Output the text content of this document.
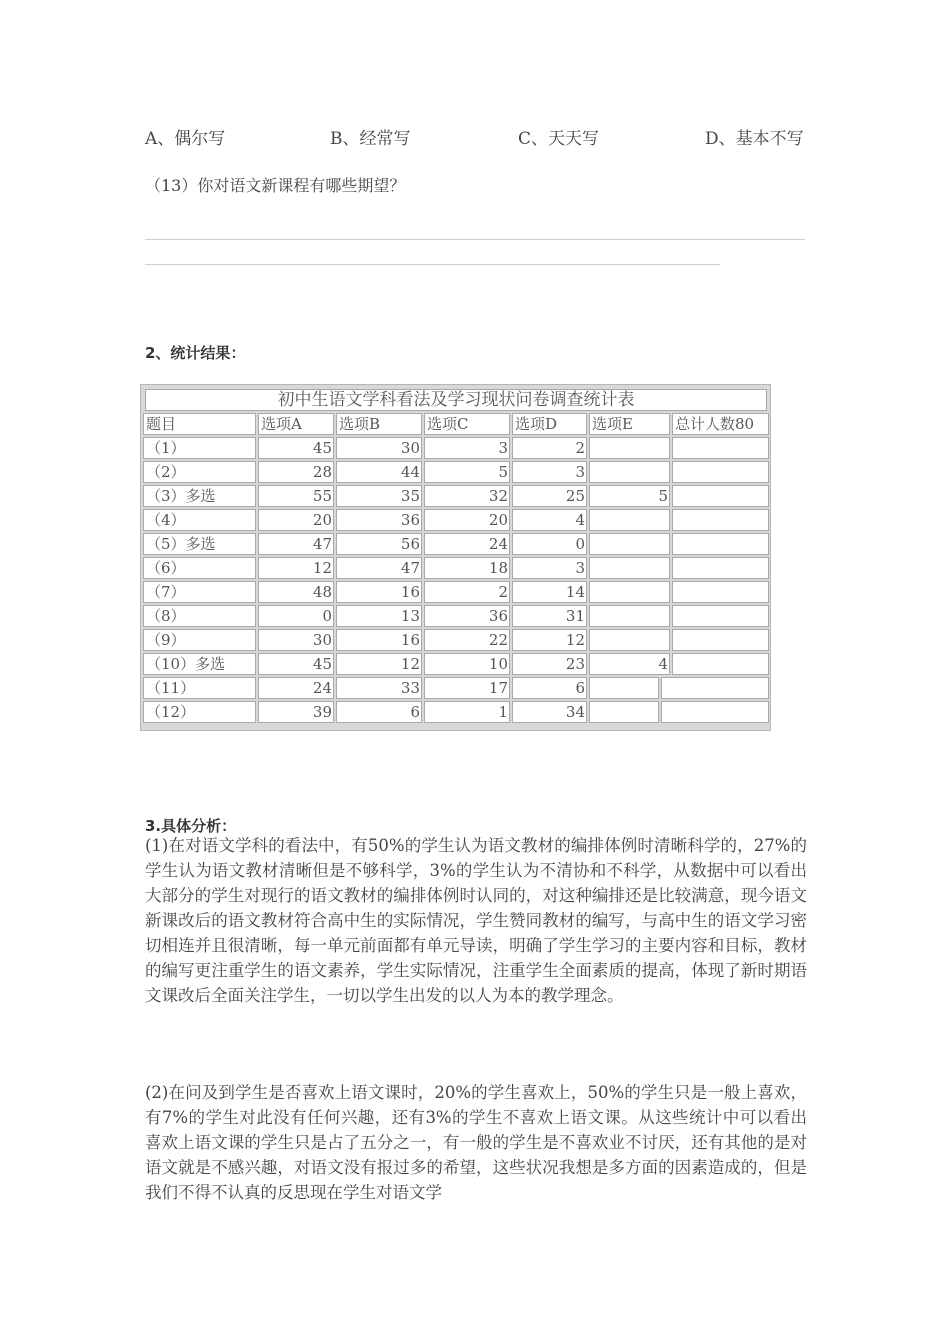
A、偶尔写	B、经常写	C、天天写	D、基本不写
（13）你对语文新课程有哪些期望？
2、统计结果：
初中生语文学科看法及学习现状问卷调查统计表
题目	选项A	选项B	选项C	选项D	选项E	总计人数80
（1）	45	30	3	2
（2）	28	44	5	3
（3）多选	55	35	32	25	5
（4）	20	36	20	4
（5）多选	47	56	24	0
（6）	12	47	18	3
（7）	48	16	2	14
（8）	0	13	36	31
（9）	30	16	22	12
（10）多选	45	12	10	23	4
（11）	24	33	17	6
（12）	39	6	1	34
3.具体分析：
(1)在对语文学科的看法中，有50%的学生认为语文教材的编排体例时清晰科学的，27%的学生认为语文教材清晰但是不够科学，3%的学生认为不清协和不科学，从数据中可以看出大部分的学生对现行的语文教材的编排体例时认同的，对这种编排还是比较满意，现今语文新课改后的语文教材符合高中生的实际情况，学生赞同教材的编写，与高中生的语文学习密切相连并且很清晰，每一单元前面都有单元导读，明确了学生学习的主要内容和目标，教材的编写更注重学生的语文素养，学生实际情况，注重学生全面素质的提高，体现了新时期语文课改后全面关注学生，一切以学生出发的以人为本的教学理念。
(2)在问及到学生是否喜欢上语文课时，20%的学生喜欢上，50%的学生只是一般上喜欢，有7%的学生对此没有任何兴趣，还有3%的学生不喜欢上语文课。从这些统计中可以看出喜欢上语文课的学生只是占了五分之一，有一般的学生是不喜欢业不讨厌，还有其他的是对语文就是不感兴趣，对语文没有报过多的希望，这些状况我想是多方面的因素造成的，但是我们不得不认真的反思现在学生对语文学
